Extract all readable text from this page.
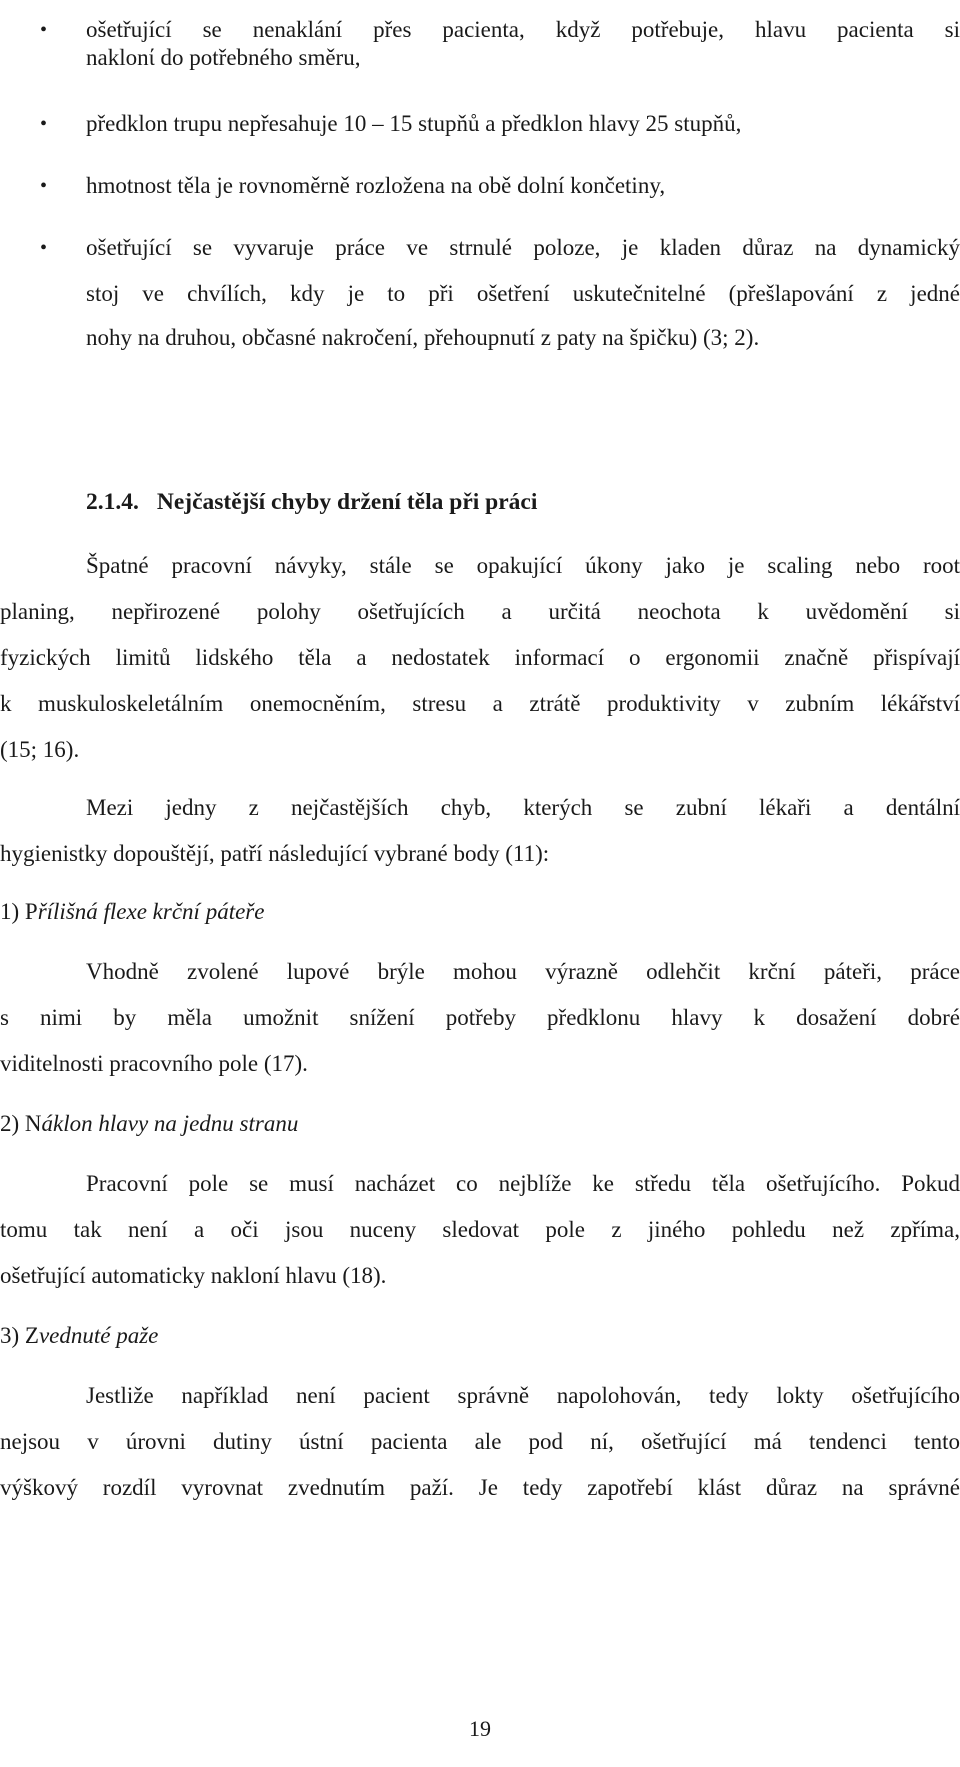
• ošetřující se nenaklání přes pacienta, když potřebuje, hlavu pacienta si
naklonί do potřebného směru,
• předklon trupu nepřesahuje 10 – 15 stupňů a předklon hlavy 25 stupňů,
• hmotnost těla je rovnoměrně rozložena na obě dolní končetiny,
• ošetřující se vyvaruje práce ve strnulé poloze, je kladen důraz na dynamický
stoj ve chvílích, kdy je to při ošetření uskutečnitelné (přešlapování z jedné
nohy na druhou, občasné nakročení, přehoupnutí z paty na špičku) (3; 2).
2.1.4. Nejčastější chyby držení těla při práci
Špatné pracovní návyky, stále se opakující úkony jako je scaling nebo root
planing, nepřirozené polohy ošetřujících a určitá neochota k uvědomění si
fyzických limitů lidského těla a nedostatek informací o ergonomii značně přispívají
k muskuloskeletálním onemocněním, stresu a ztrátě produktivity v zubním lékářství
(15; 16).
Mezi jedny z nejčastějších chyb, kterých se zubní lékaři a dentální
hygienistky dopouštějí, patří následující vybrané body (11):
1) Přílišná flexe krční páteře
Vhodně zvolené lupové brýle mohou výrazně odlehčit krční páteři, práce
s nimi by měla umožnit snížení potřeby předklonu hlavy k dosažení dobré
viditelnosti pracovního pole (17).
2) Náklon hlavy na jednu stranu
Pracovní pole se musí nacházet co nejblíže ke středu těla ošetřujícího. Pokud
tomu tak není a oči jsou nuceny sledovat pole z jiného pohledu než zpříma,
ošetřující automaticky nakloní hlavu (18).
3) Zvednuté paže
Jestliže například není pacient správně napolohován, tedy lokty ošetřujícího
nejsou v úrovni dutiny ústní pacienta ale pod ní, ošetřující má tendenci tento
výškový rozdíl vyrovnat zvednutím paží. Je tedy zapotřebí klást důraz na správné
19
